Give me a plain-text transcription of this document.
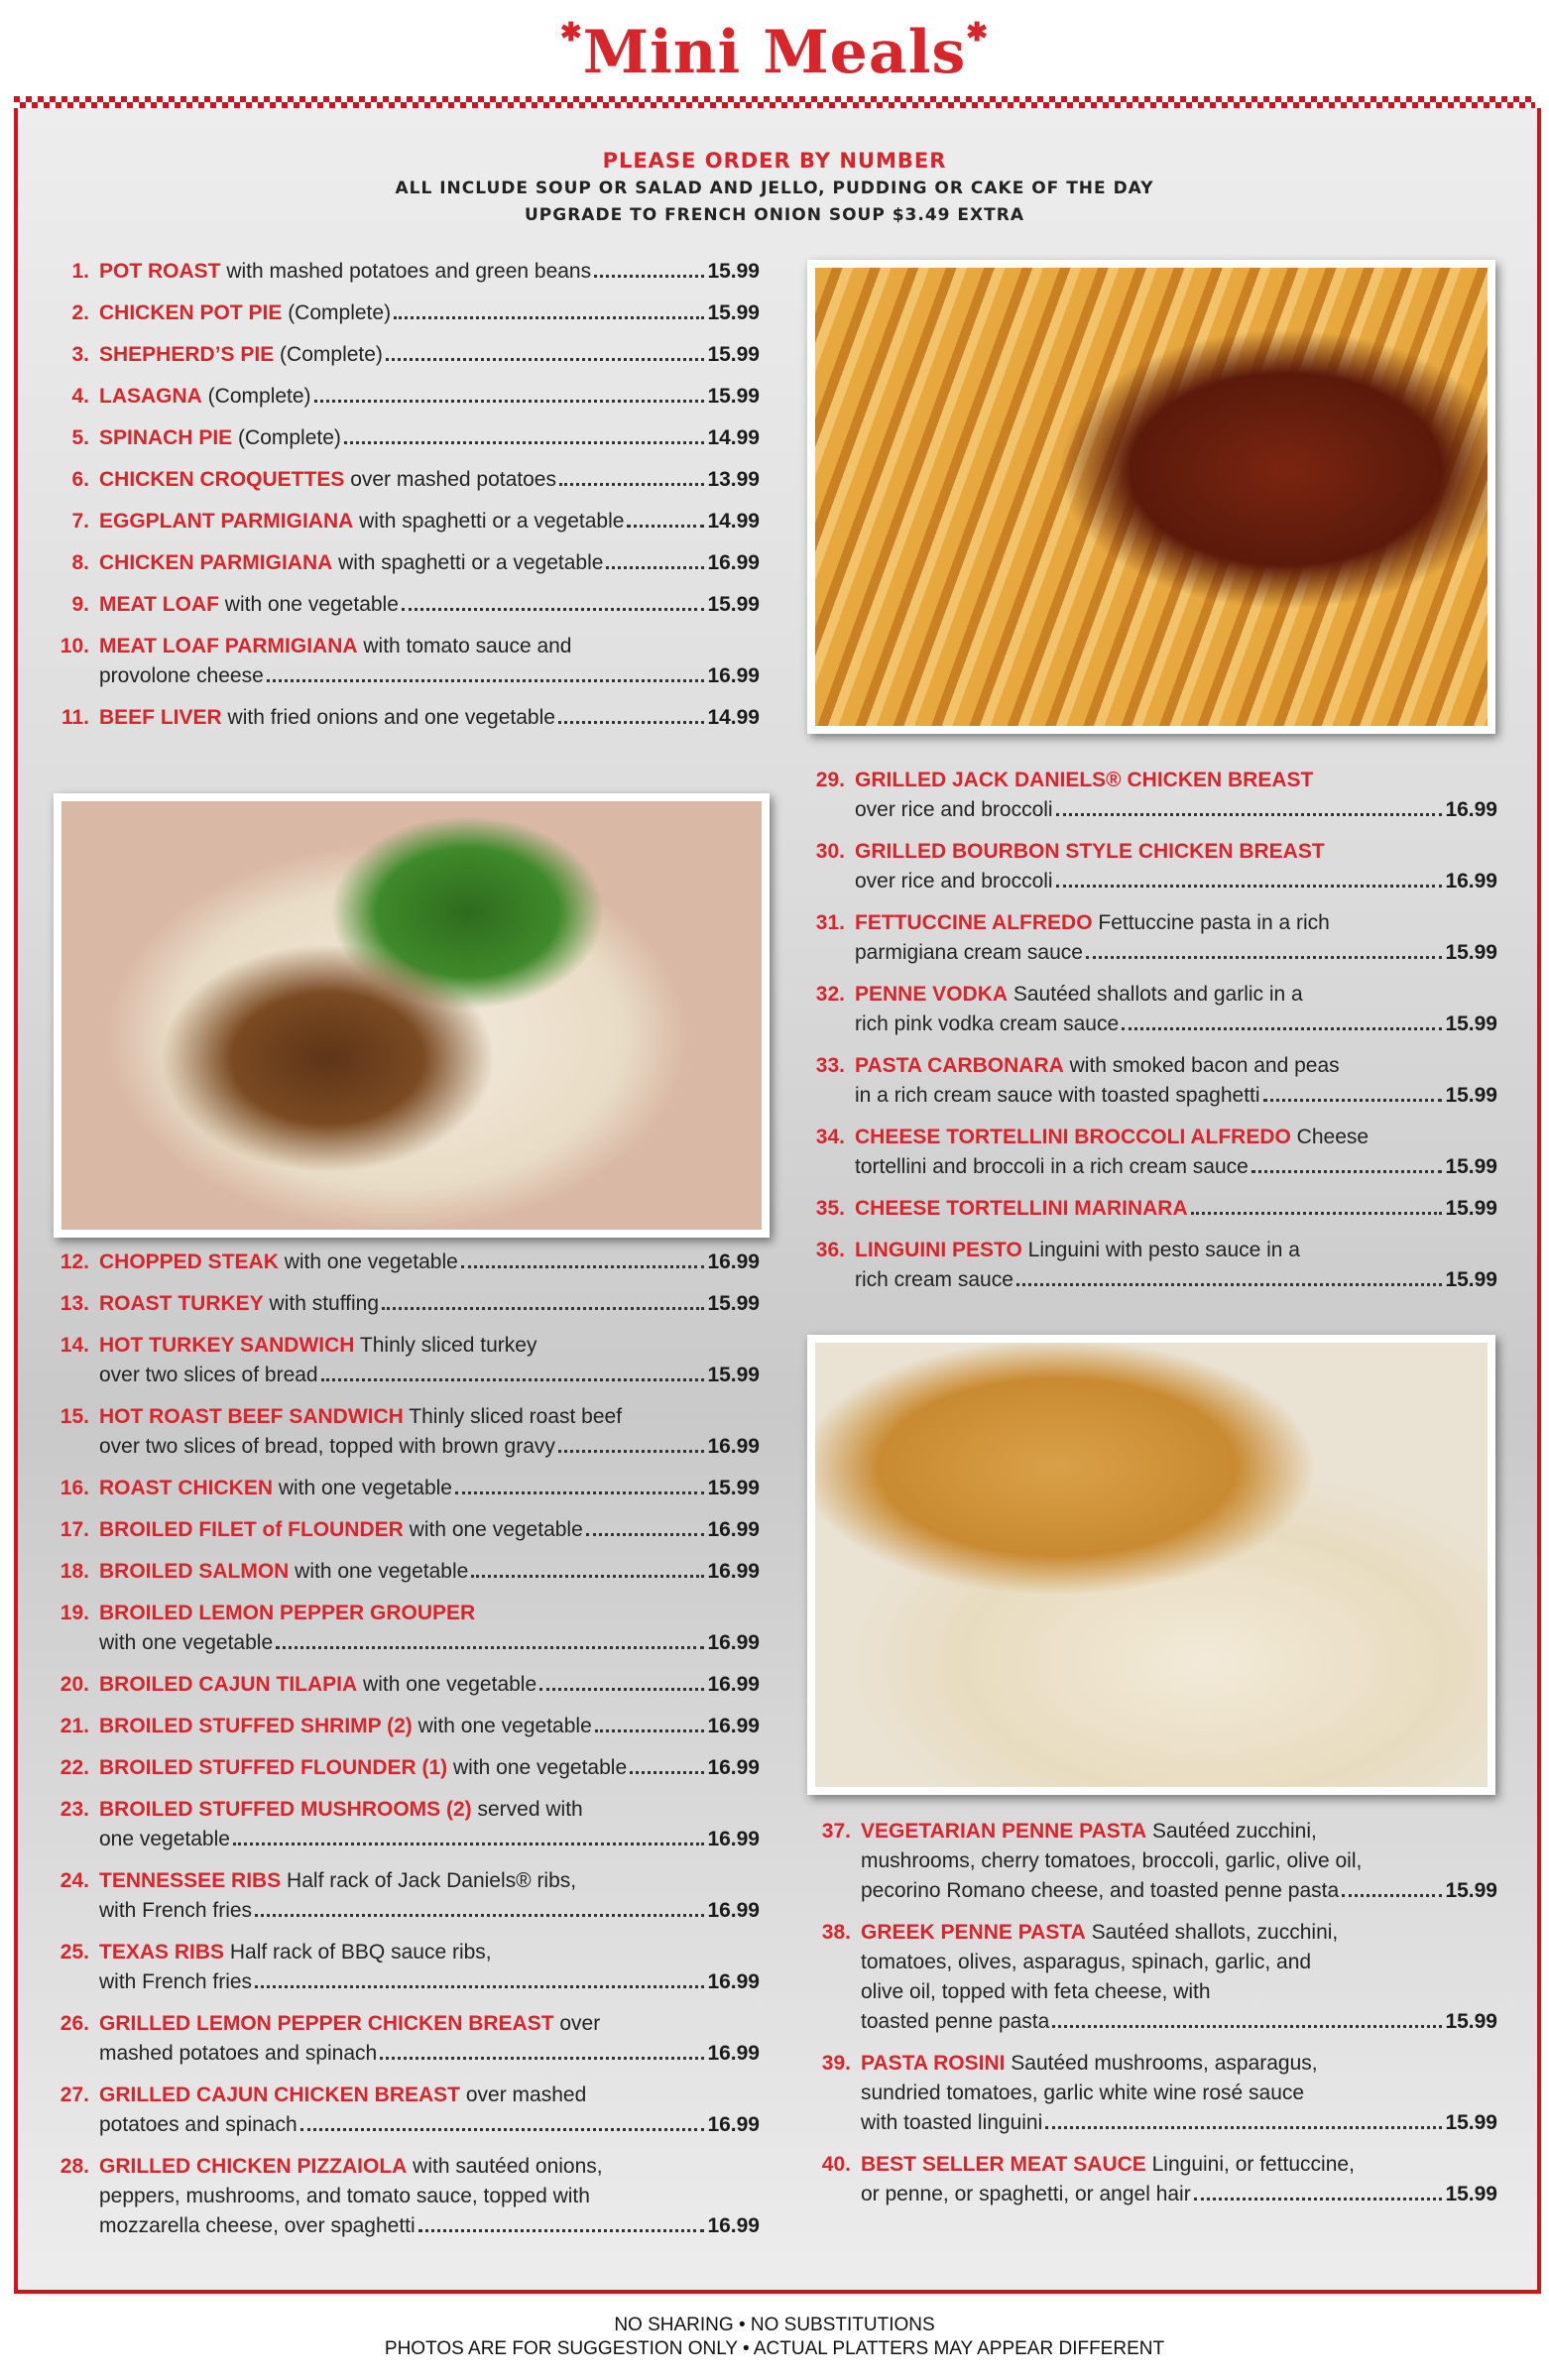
✱Mini Meals✱
PLEASE ORDER BY NUMBER
ALL INCLUDE SOUP OR SALAD AND JELLO, PUDDING OR CAKE OF THE DAY
UPGRADE TO FRENCH ONION SOUP $3.49 EXTRA
1. POT ROAST with mashed potatoes and green beans	15.99
2. CHICKEN POT PIE (Complete)	15.99
3. SHEPHERD’S PIE (Complete)	15.99
4. LASAGNA (Complete)	15.99
5. SPINACH PIE (Complete)	14.99
6. CHICKEN CROQUETTES over mashed potatoes	13.99
7. EGGPLANT PARMIGIANA with spaghetti or a vegetable	14.99
8. CHICKEN PARMIGIANA with spaghetti or a vegetable	16.99
9. MEAT LOAF with one vegetable	15.99
10. MEAT LOAF PARMIGIANA with tomato sauce and
provolone cheese	16.99
11. BEEF LIVER with fried onions and one vegetable	14.99
12. CHOPPED STEAK with one vegetable	16.99
13. ROAST TURKEY with stuffing	15.99
14. HOT TURKEY SANDWICH Thinly sliced turkey
over two slices of bread	15.99
15. HOT ROAST BEEF SANDWICH Thinly sliced roast beef
over two slices of bread, topped with brown gravy	16.99
16. ROAST CHICKEN with one vegetable	15.99
17. BROILED FILET of FLOUNDER with one vegetable	16.99
18. BROILED SALMON with one vegetable	16.99
19. BROILED LEMON PEPPER GROUPER
with one vegetable	16.99
20. BROILED CAJUN TILAPIA with one vegetable	16.99
21. BROILED STUFFED SHRIMP (2) with one vegetable	16.99
22. BROILED STUFFED FLOUNDER (1) with one vegetable	16.99
23. BROILED STUFFED MUSHROOMS (2) served with
one vegetable	16.99
24. TENNESSEE RIBS Half rack of Jack Daniels® ribs,
with French fries	16.99
25. TEXAS RIBS Half rack of BBQ sauce ribs,
with French fries	16.99
26. GRILLED LEMON PEPPER CHICKEN BREAST over
mashed potatoes and spinach	16.99
27. GRILLED CAJUN CHICKEN BREAST over mashed
potatoes and spinach	16.99
28. GRILLED CHICKEN PIZZAIOLA with sautéed onions,
peppers, mushrooms, and tomato sauce, topped with
mozzarella cheese, over spaghetti	16.99
29. GRILLED JACK DANIELS® CHICKEN BREAST
over rice and broccoli	16.99
30. GRILLED BOURBON STYLE CHICKEN BREAST
over rice and broccoli	16.99
31. FETTUCCINE ALFREDO Fettuccine pasta in a rich
parmigiana cream sauce	15.99
32. PENNE VODKA Sautéed shallots and garlic in a
rich pink vodka cream sauce	15.99
33. PASTA CARBONARA with smoked bacon and peas
in a rich cream sauce with toasted spaghetti	15.99
34. CHEESE TORTELLINI BROCCOLI ALFREDO Cheese
tortellini and broccoli in a rich cream sauce	15.99
35. CHEESE TORTELLINI MARINARA	15.99
36. LINGUINI PESTO Linguini with pesto sauce in a
rich cream sauce	15.99
37. VEGETARIAN PENNE PASTA Sautéed zucchini,
mushrooms, cherry tomatoes, broccoli, garlic, olive oil,
pecorino Romano cheese, and toasted penne pasta	15.99
38. GREEK PENNE PASTA Sautéed shallots, zucchini,
tomatoes, olives, asparagus, spinach, garlic, and
olive oil, topped with feta cheese, with
toasted penne pasta	15.99
39. PASTA ROSINI Sautéed mushrooms, asparagus,
sundried tomatoes, garlic white wine rosé sauce
with toasted linguini	15.99
40. BEST SELLER MEAT SAUCE Linguini, or fettuccine,
or penne, or spaghetti, or angel hair	15.99
NO SHARING • NO SUBSTITUTIONS
PHOTOS ARE FOR SUGGESTION ONLY • ACTUAL PLATTERS MAY APPEAR DIFFERENT
